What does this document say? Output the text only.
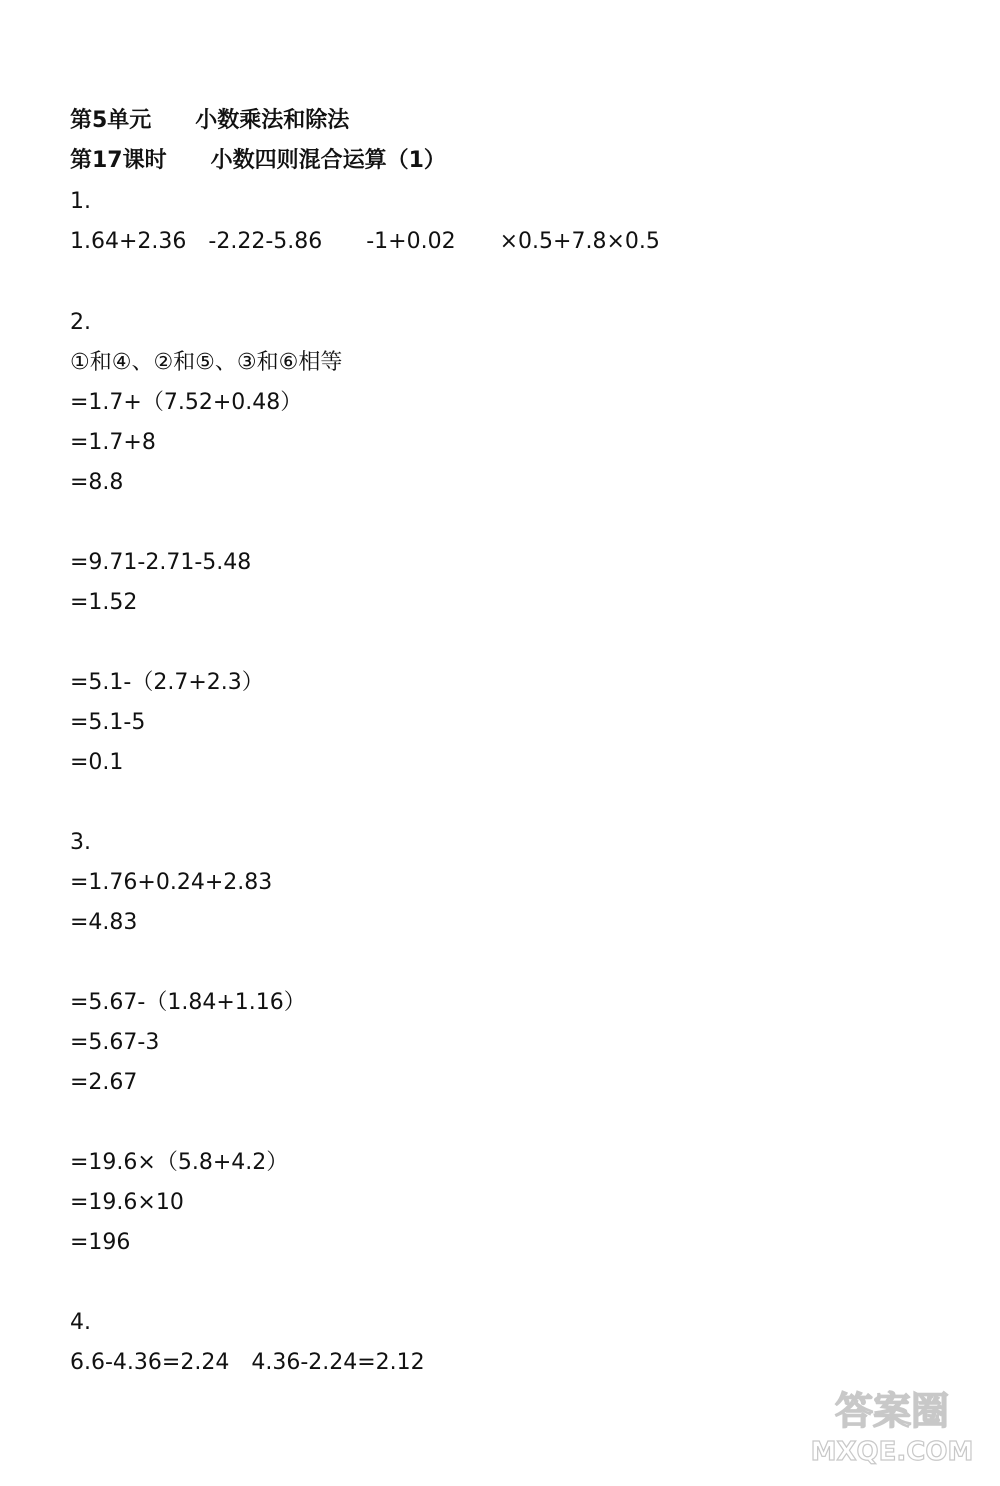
第5单元　　小数乘法和除法
第17课时　　小数四则混合运算（1）
1.
1.64+2.36　-2.22-5.86　　-1+0.02　　×0.5+7.8×0.5
2.
①和④、②和⑤、③和⑥相等
=1.7+（7.52+0.48）
=1.7+8
=8.8
=9.71-2.71-5.48
=1.52
=5.1-（2.7+2.3）
=5.1-5
=0.1
3.
=1.76+0.24+2.83
=4.83
=5.67-（1.84+1.16）
=5.67-3
=2.67
=19.6×（5.8+4.2）
=19.6×10
=196
4.
6.6-4.36=2.24　4.36-2.24=2.12
答案圈
MXQE.COM
